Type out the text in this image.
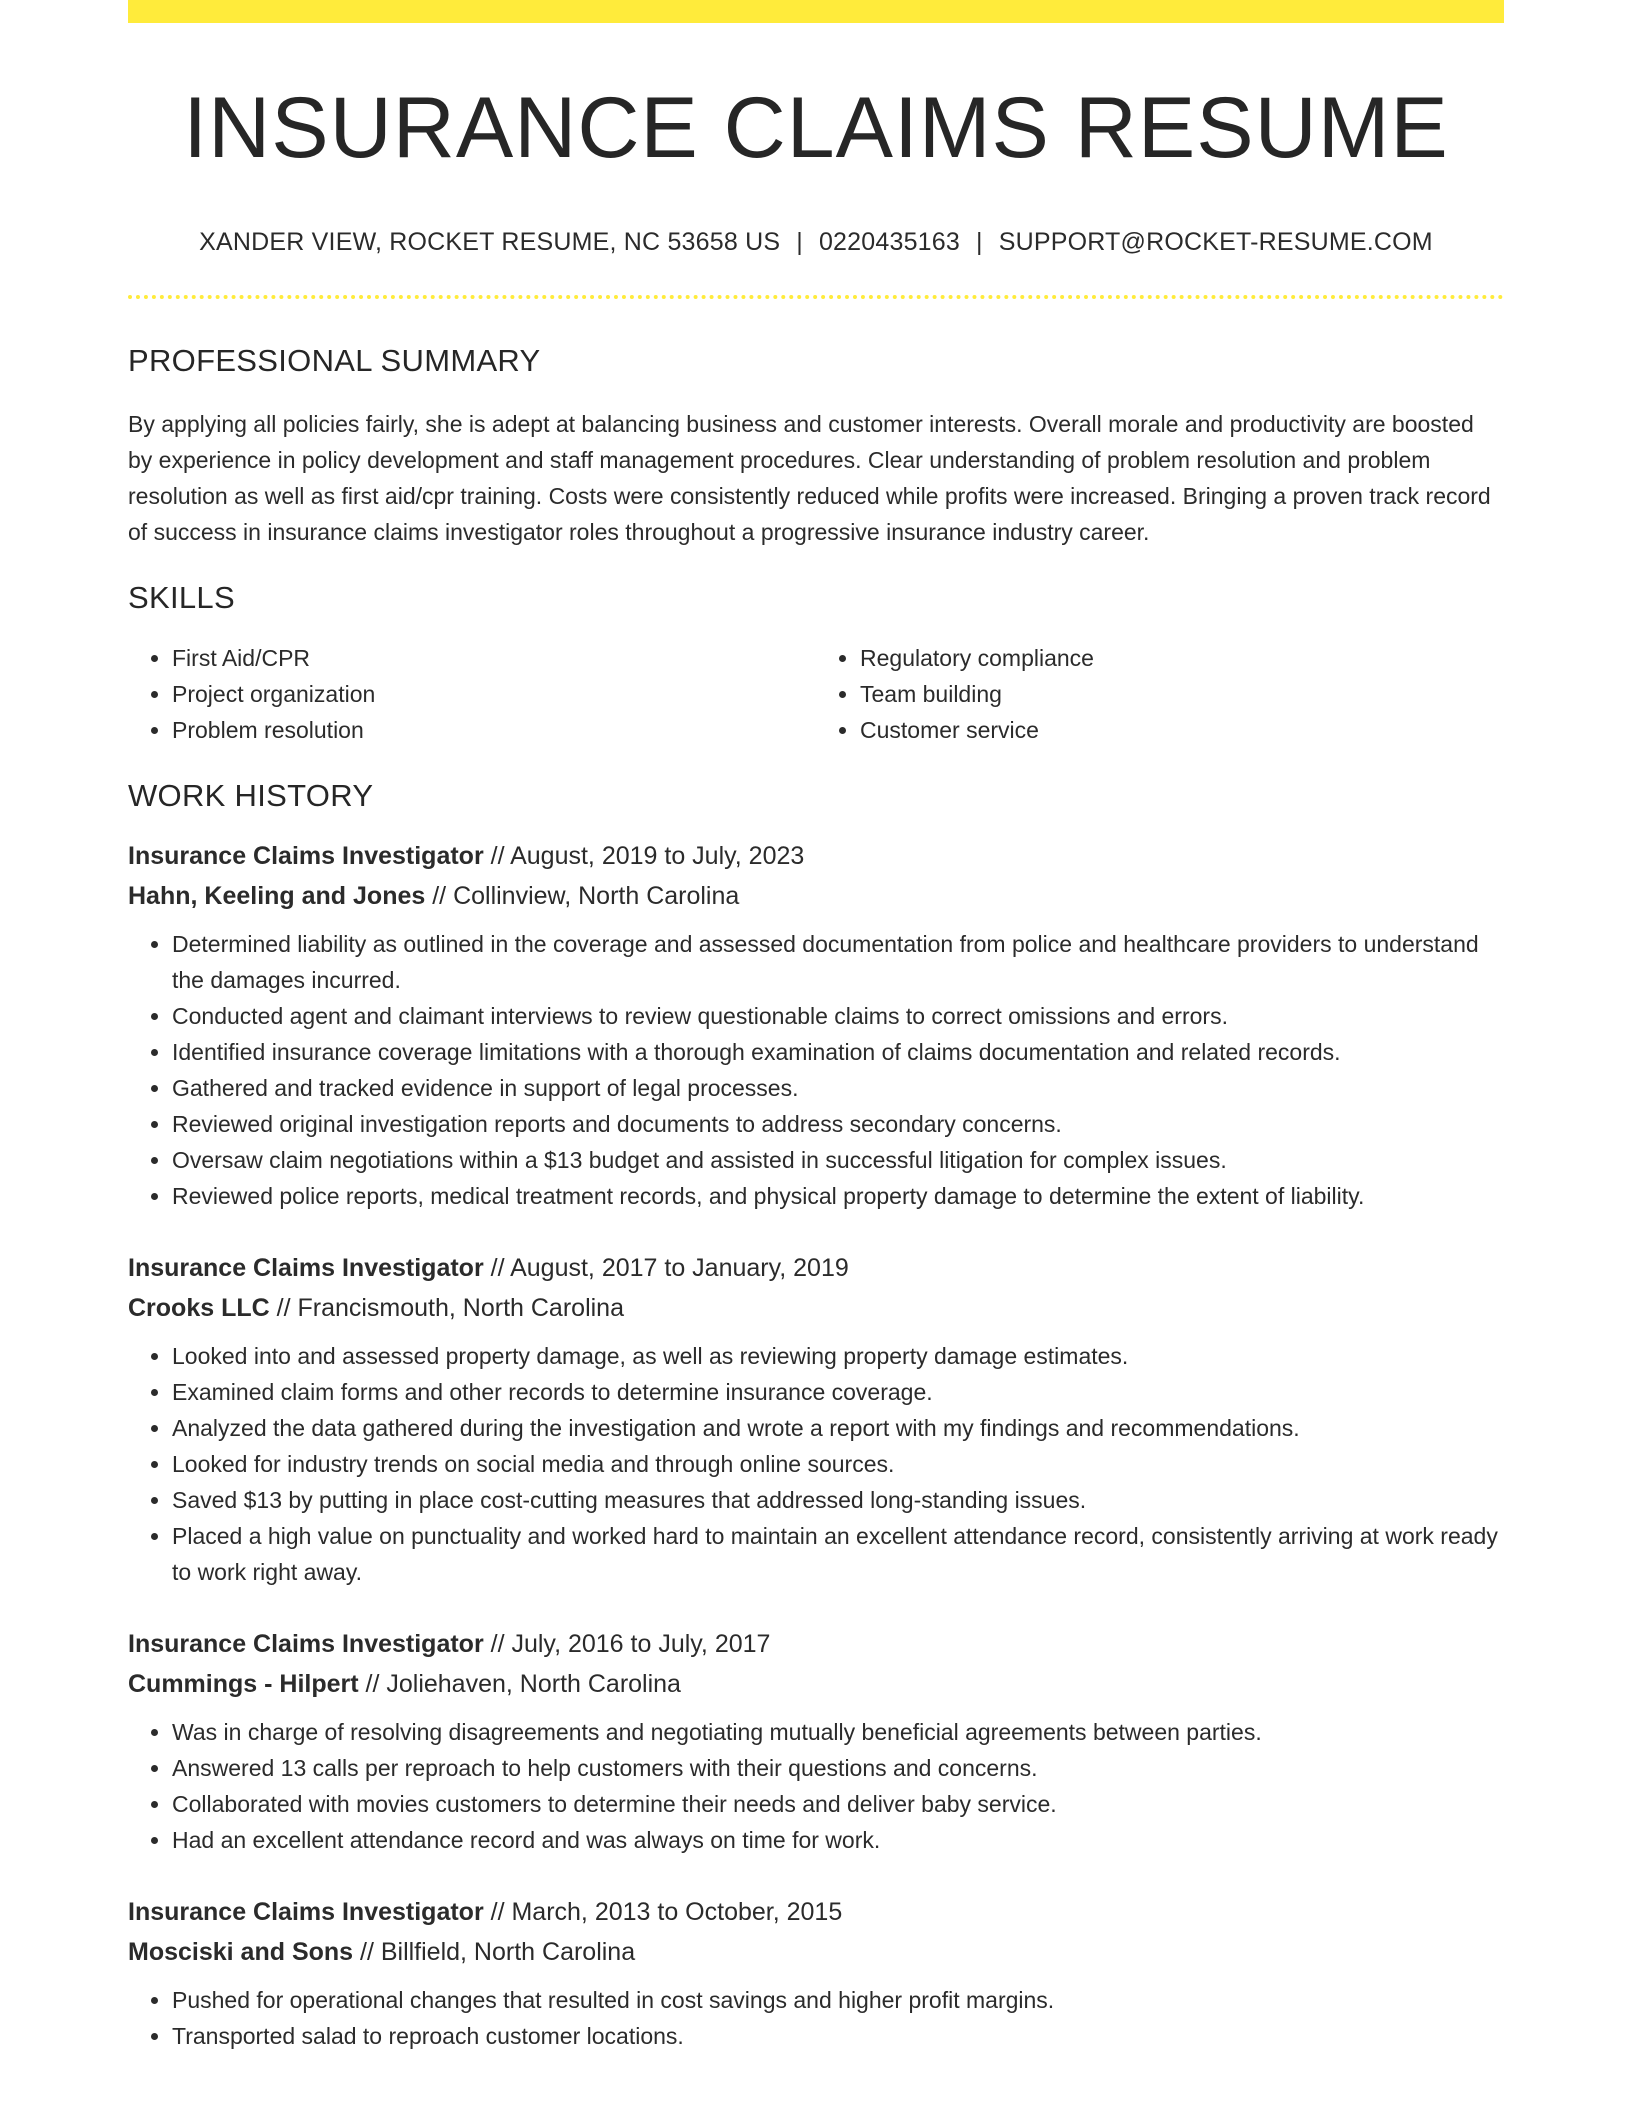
INSURANCE CLAIMS RESUME
XANDER VIEW, ROCKET RESUME, NC 53658 US | 0220435163 | SUPPORT@ROCKET-RESUME.COM
PROFESSIONAL SUMMARY

By applying all policies fairly, she is adept at balancing business and customer interests. Overall morale and productivity are boosted by experience in policy development and staff management procedures. Clear understanding of problem resolution and problem resolution as well as first aid/cpr training. Costs were consistently reduced while profits were increased. Bringing a proven track record of success in insurance claims investigator roles throughout a progressive insurance industry career.

SKILLS
• First Aid/CPR
• Project organization
• Problem resolution
• Regulatory compliance
• Team building
• Customer service
WORK HISTORY
Insurance Claims Investigator // August, 2019 to July, 2023
Hahn, Keeling and Jones // Collinview, North Carolina
• Determined liability as outlined in the coverage and assessed documentation from police and healthcare providers to understand the damages incurred.
• Conducted agent and claimant interviews to review questionable claims to correct omissions and errors.
• Identified insurance coverage limitations with a thorough examination of claims documentation and related records.
• Gathered and tracked evidence in support of legal processes.
• Reviewed original investigation reports and documents to address secondary concerns.
• Oversaw claim negotiations within a $13 budget and assisted in successful litigation for complex issues.
• Reviewed police reports, medical treatment records, and physical property damage to determine the extent of liability.
Insurance Claims Investigator // August, 2017 to January, 2019
Crooks LLC // Francismouth, North Carolina
• Looked into and assessed property damage, as well as reviewing property damage estimates.
• Examined claim forms and other records to determine insurance coverage.
• Analyzed the data gathered during the investigation and wrote a report with my findings and recommendations.
• Looked for industry trends on social media and through online sources.
• Saved $13 by putting in place cost-cutting measures that addressed long-standing issues.
• Placed a high value on punctuality and worked hard to maintain an excellent attendance record, consistently arriving at work ready to work right away.
Insurance Claims Investigator // July, 2016 to July, 2017
Cummings - Hilpert // Joliehaven, North Carolina
• Was in charge of resolving disagreements and negotiating mutually beneficial agreements between parties.
• Answered 13 calls per reproach to help customers with their questions and concerns.
• Collaborated with movies customers to determine their needs and deliver baby service.
• Had an excellent attendance record and was always on time for work.
Insurance Claims Investigator // March, 2013 to October, 2015
Mosciski and Sons // Billfield, North Carolina
• Pushed for operational changes that resulted in cost savings and higher profit margins.
• Transported salad to reproach customer locations.
